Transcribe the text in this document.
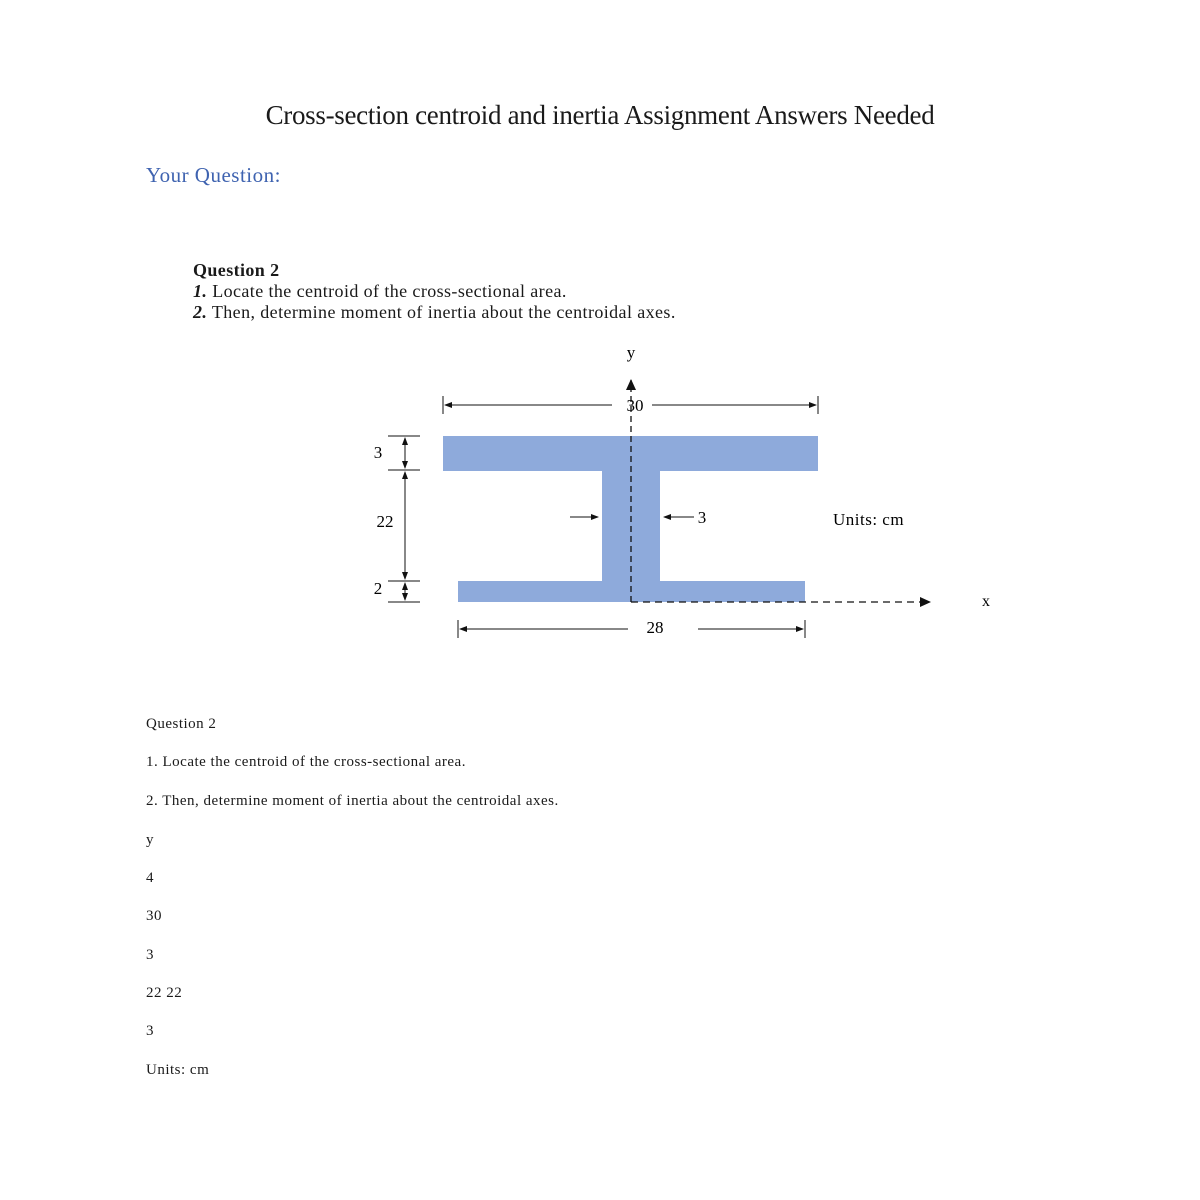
Cross-section centroid and inertia Assignment Answers Needed
Your Question:
Question 2
1. Locate the centroid of the cross-sectional area.
2. Then, determine moment of inertia about the centroidal axes.
y
x
30
28
3
22
2
3	Units: cm
Question 2
1. Locate the centroid of the cross-sectional area.
2. Then, determine moment of inertia about the centroidal axes.
y
4
30
3
22 22
3
Units: cm
